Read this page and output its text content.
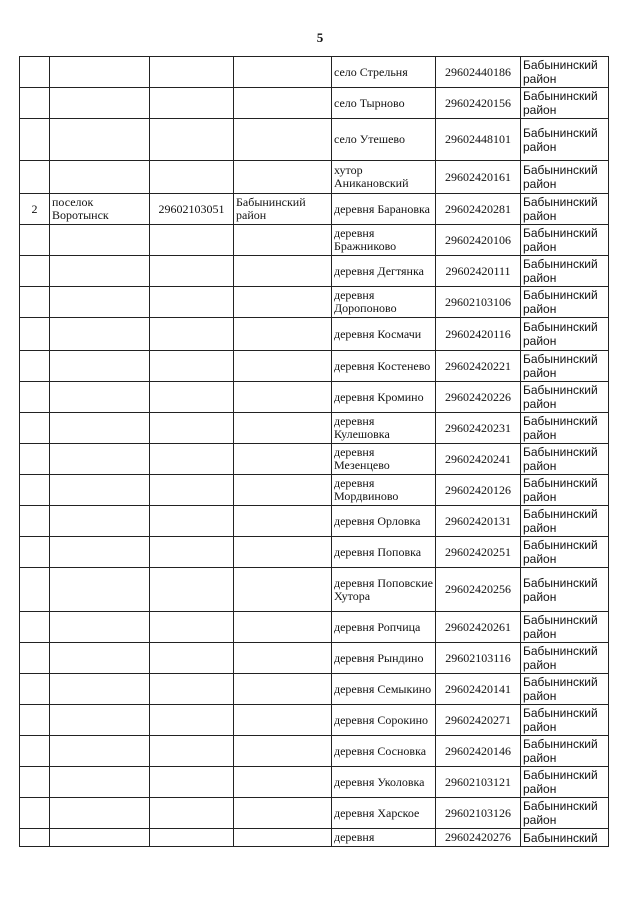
5
				село Стрельня	29602440186	Бабынинский район
				село Тырново	29602420156	Бабынинский район
				село Утешево	29602448101	Бабынинский район
				хутор Аникановский	29602420161	Бабынинский район
2	поселок Воротынск	29602103051	Бабынинский район	деревня Барановка	29602420281	Бабынинский район
				деревня Бражниково	29602420106	Бабынинский район
				деревня Дегтянка	29602420111	Бабынинский район
				деревня Доропоново	29602103106	Бабынинский район
				деревня Космачи	29602420116	Бабынинский район
				деревня Костенево	29602420221	Бабынинский район
				деревня Кромино	29602420226	Бабынинский район
				деревня Кулешовка	29602420231	Бабынинский район
				деревня Мезенцево	29602420241	Бабынинский район
				деревня Мордвиново	29602420126	Бабынинский район
				деревня Орловка	29602420131	Бабынинский район
				деревня Поповка	29602420251	Бабынинский район
				деревня Поповские Хутора	29602420256	Бабынинский район
				деревня Ропчица	29602420261	Бабынинский район
				деревня Рындино	29602103116	Бабынинский район
				деревня Семыкино	29602420141	Бабынинский район
				деревня Сорокино	29602420271	Бабынинский район
				деревня Сосновка	29602420146	Бабынинский район
				деревня Уколовка	29602103121	Бабынинский район
				деревня Харское	29602103126	Бабынинский район
				деревня	29602420276	Бабынинский
